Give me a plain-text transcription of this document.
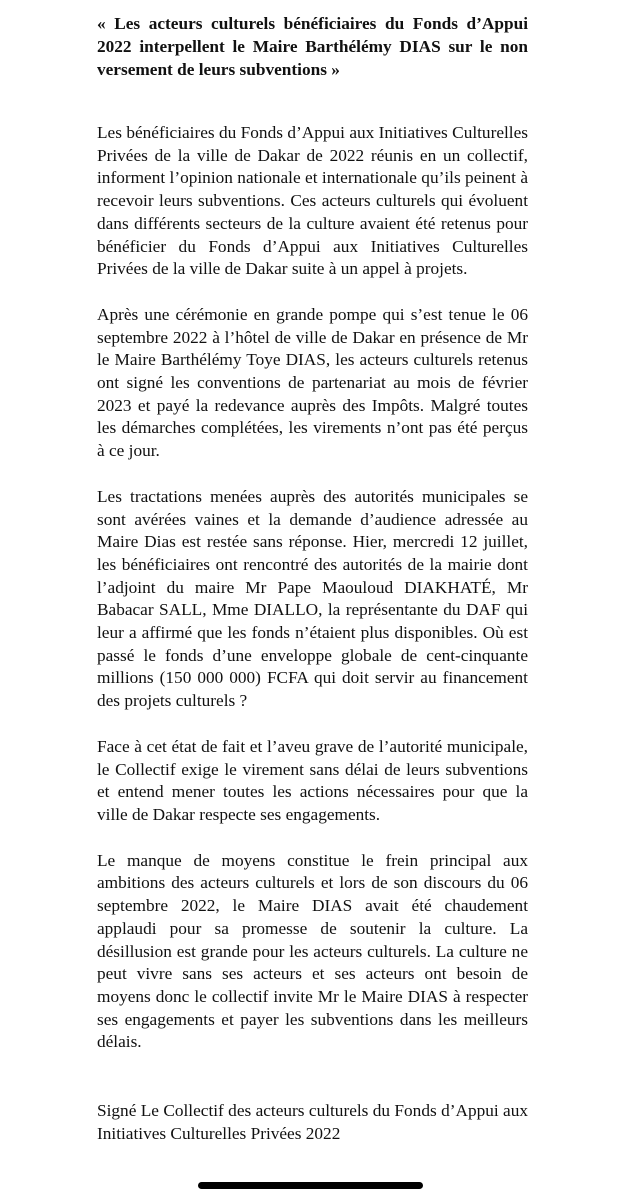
« Les acteurs culturels bénéficiaires du Fonds d’Appui 2022 interpellent le Maire Barthélémy DIAS sur le non versement de leurs subventions »

Les bénéficiaires du Fonds d’Appui aux Initiatives Culturelles Privées de la ville de Dakar de 2022 réunis en un collectif, informent l’opinion nationale et internationale qu’ils peinent à recevoir leurs subventions. Ces acteurs culturels qui évoluent dans différents secteurs de la culture avaient été retenus pour bénéficier du Fonds d’Appui aux Initiatives Culturelles Privées de la ville de Dakar suite à un appel à projets.

Après une cérémonie en grande pompe qui s’est tenue le 06 septembre 2022 à l’hôtel de ville de Dakar en présence de Mr le Maire Barthélémy Toye DIAS, les acteurs culturels retenus ont signé les conventions de partenariat au mois de février 2023 et payé la redevance auprès des Impôts. Malgré toutes les démarches complétées, les virements n’ont pas été perçus à ce jour.

Les tractations menées auprès des autorités municipales se sont avérées vaines et la demande d’audience adressée au Maire Dias est restée sans réponse. Hier, mercredi 12 juillet, les bénéficiaires ont rencontré des autorités de la mairie dont l’adjoint du maire Mr Pape Maouloud DIAKHATÉ, Mr Babacar SALL, Mme DIALLO, la représentante du DAF qui leur a affirmé que les fonds n’étaient plus disponibles. Où est passé le fonds d’une enveloppe globale de cent-cinquante millions (150 000 000) FCFA qui doit servir au financement des projets culturels ?

Face à cet état de fait et l’aveu grave de l’autorité municipale, le Collectif exige le virement sans délai de leurs subventions et entend mener toutes les actions nécessaires pour que la ville de Dakar respecte ses engagements.

Le manque de moyens constitue le frein principal aux ambitions des acteurs culturels et lors de son discours du 06 septembre 2022, le Maire DIAS avait été chaudement applaudi pour sa promesse de soutenir la culture. La désillusion est grande pour les acteurs culturels. La culture ne peut vivre sans ses acteurs et ses acteurs ont besoin de moyens donc le collectif invite Mr le Maire DIAS à respecter ses engagements et payer les subventions dans les meilleurs délais.

Signé Le Collectif des acteurs culturels du Fonds d’Appui aux Initiatives Culturelles Privées 2022
